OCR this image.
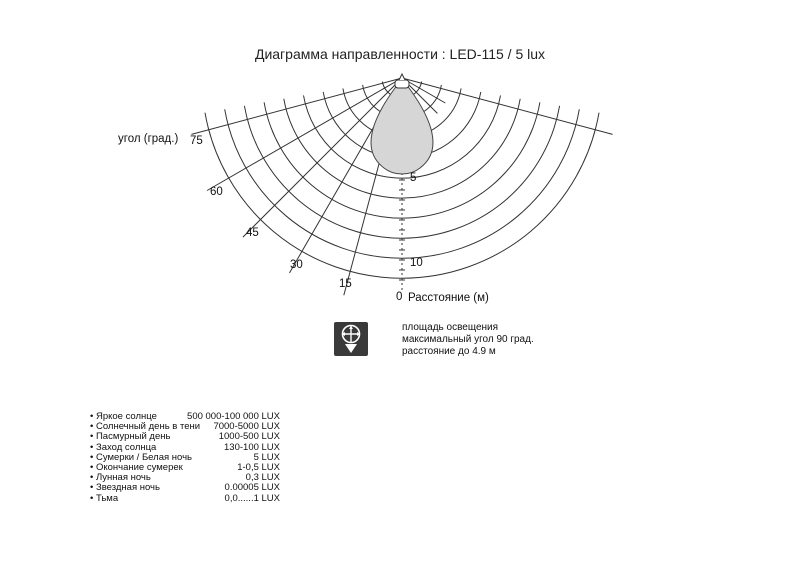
Диаграмма направленности : LED-115 / 5 lux
угол (град.) 75
60
45
30
15
5
10
0 Расстояние (м)
площадь освещения
максимальный угол 90 град.
расстояние до 4.9 м
• Яркое солнце	500 000-100 000 LUX
• Солнечный день в тени	7000-5000 LUX
• Пасмурный день	1000-500 LUX
• Заход солнца	130-100 LUX
• Сумерки / Белая ночь	5 LUX
• Окончание сумерек	1-0,5 LUX
• Лунная ночь	0,3 LUX
• Звездная ночь	0.00005 LUX
• Тьма	0,0......1 LUX
